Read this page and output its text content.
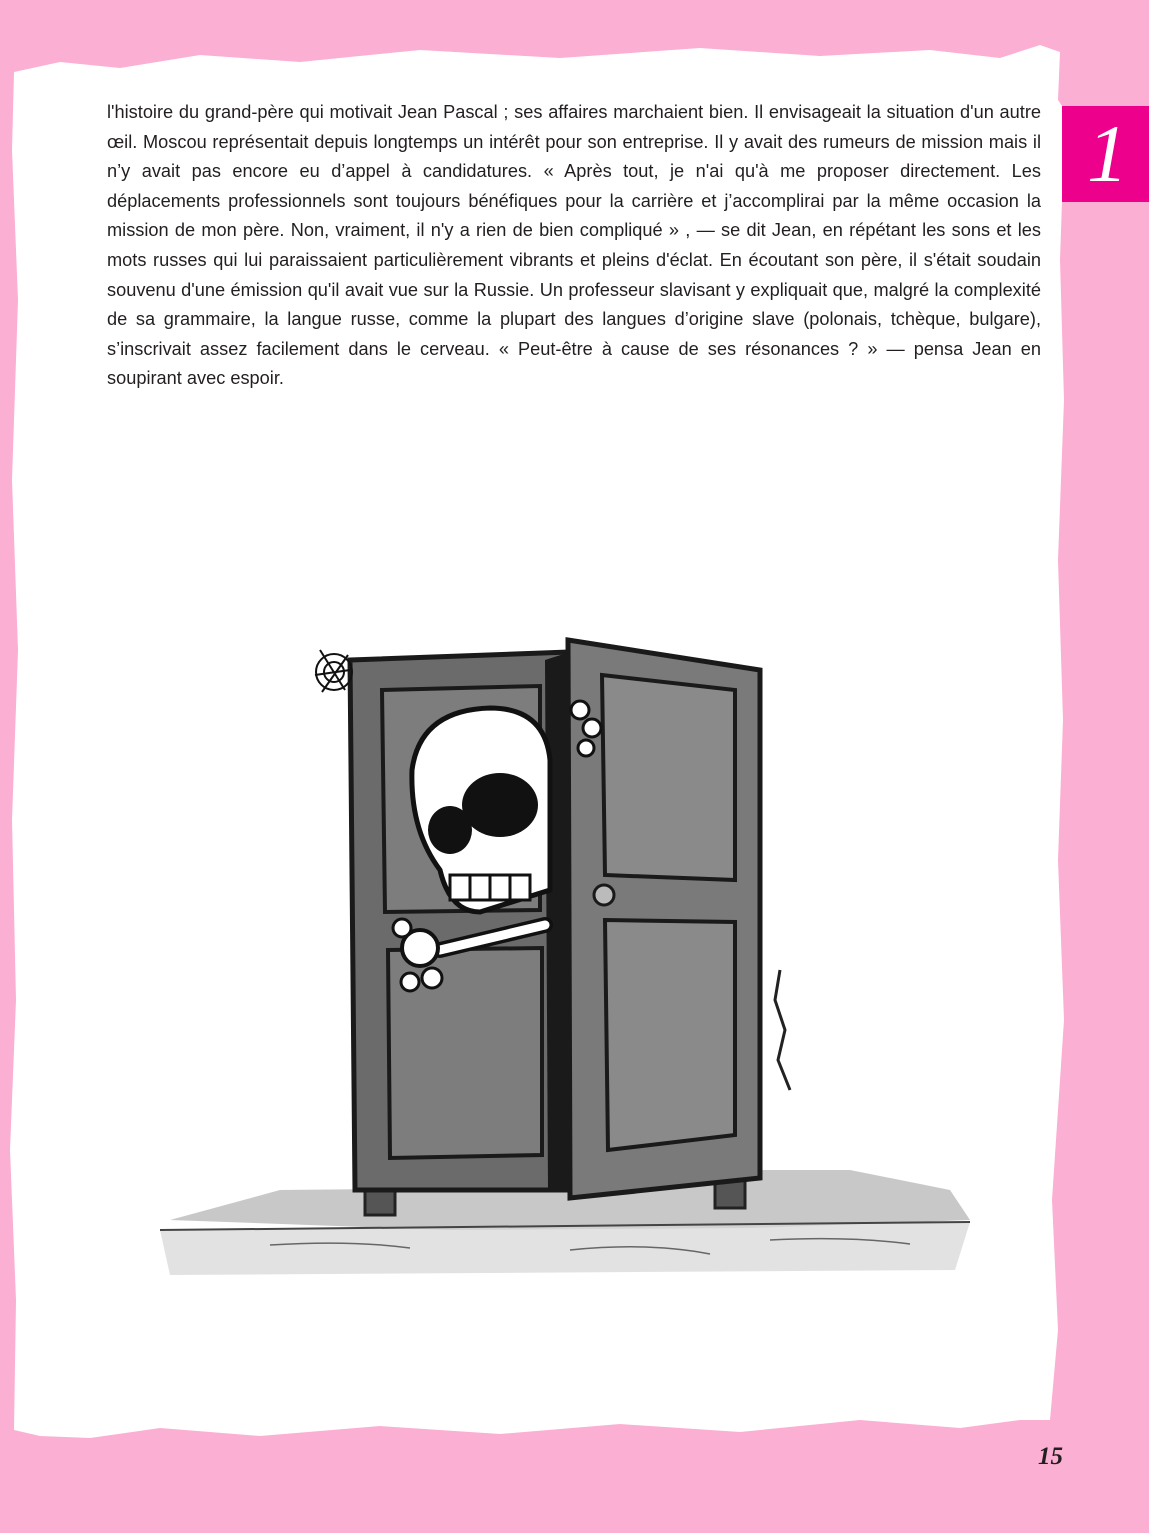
1

l'histoire du grand-père qui motivait Jean Pascal ; ses affaires marchaient bien. Il envisageait la situation d'un autre œil. Moscou représentait depuis longtemps un intérêt pour son entreprise. Il y avait des rumeurs de mission mais il n’y avait pas encore eu d’appel à candidatures. « Après tout, je n'ai qu'à me proposer directement. Les déplacements professionnels sont toujours bénéfiques pour la carrière et j’accomplirai par la même occasion la mission de mon père. Non, vraiment, il n'y a rien de bien compliqué » , — se dit Jean, en répétant les sons et les mots russes qui lui paraissaient particulièrement vibrants et pleins d'éclat. En écoutant son père, il s'était soudain souvenu d'une émission qu'il avait vue sur la Russie. Un professeur slavisant y expliquait que, malgré la complexité de sa grammaire, la langue russe, comme la plupart des langues d’origine slave (polonais, tchèque, bulgare), s’inscrivait assez facilement dans le cerveau. « Peut-être à cause de ses résonances ? » — pensa Jean en soupirant avec espoir.

15
